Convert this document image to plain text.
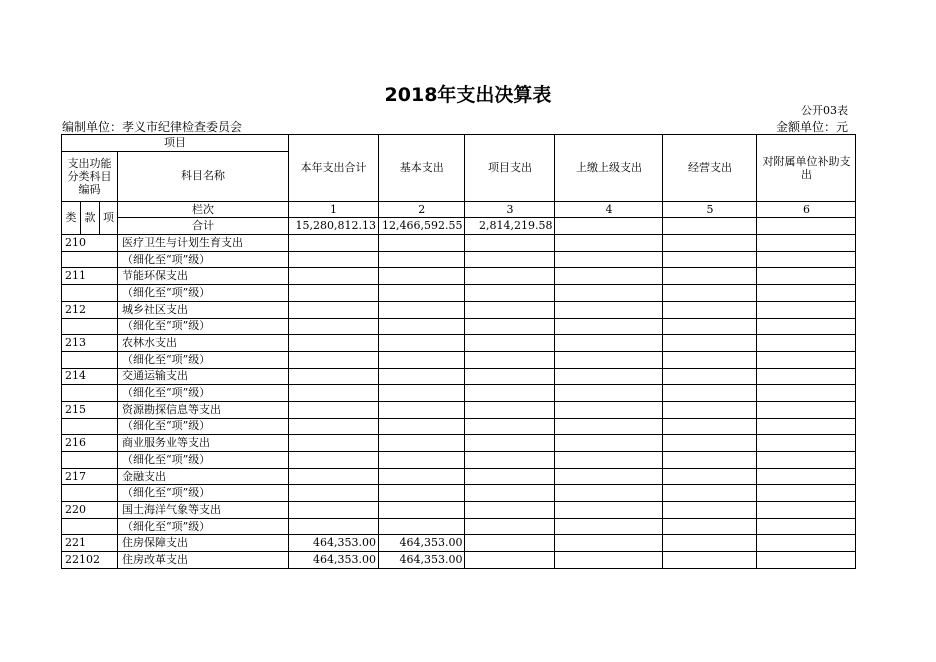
2018年支出决算表
公开03表
编制单位：孝义市纪律检查委员会	金额单位：元
项目				本年支出合计	基本支出	项目支出	上缴上级支出	经营支出	对附属单位补助支出
支出功能分类科目编码			科目名称						

类	款	项	栏次	1	2	3	4	5	6
			合计	15,280,812.13	12,466,592.55	2,814,219.58			
210			医疗卫生与计划生育支出						
			（细化至“项”级）						
211			节能环保支出						
			（细化至“项”级）						
212			城乡社区支出						
			（细化至“项”级）						
213			农林水支出						
			（细化至“项”级）						
214			交通运输支出						
			（细化至“项”级）						
215			资源勘探信息等支出						
			（细化至“项”级）						
216			商业服务业等支出						
			（细化至“项”级）						
217			金融支出						
			（细化至“项”级）						
220			国土海洋气象等支出						
			（细化至“项”级）						
221			住房保障支出	464,353.00	464,353.00				
22102			住房改革支出	464,353.00	464,353.00				
